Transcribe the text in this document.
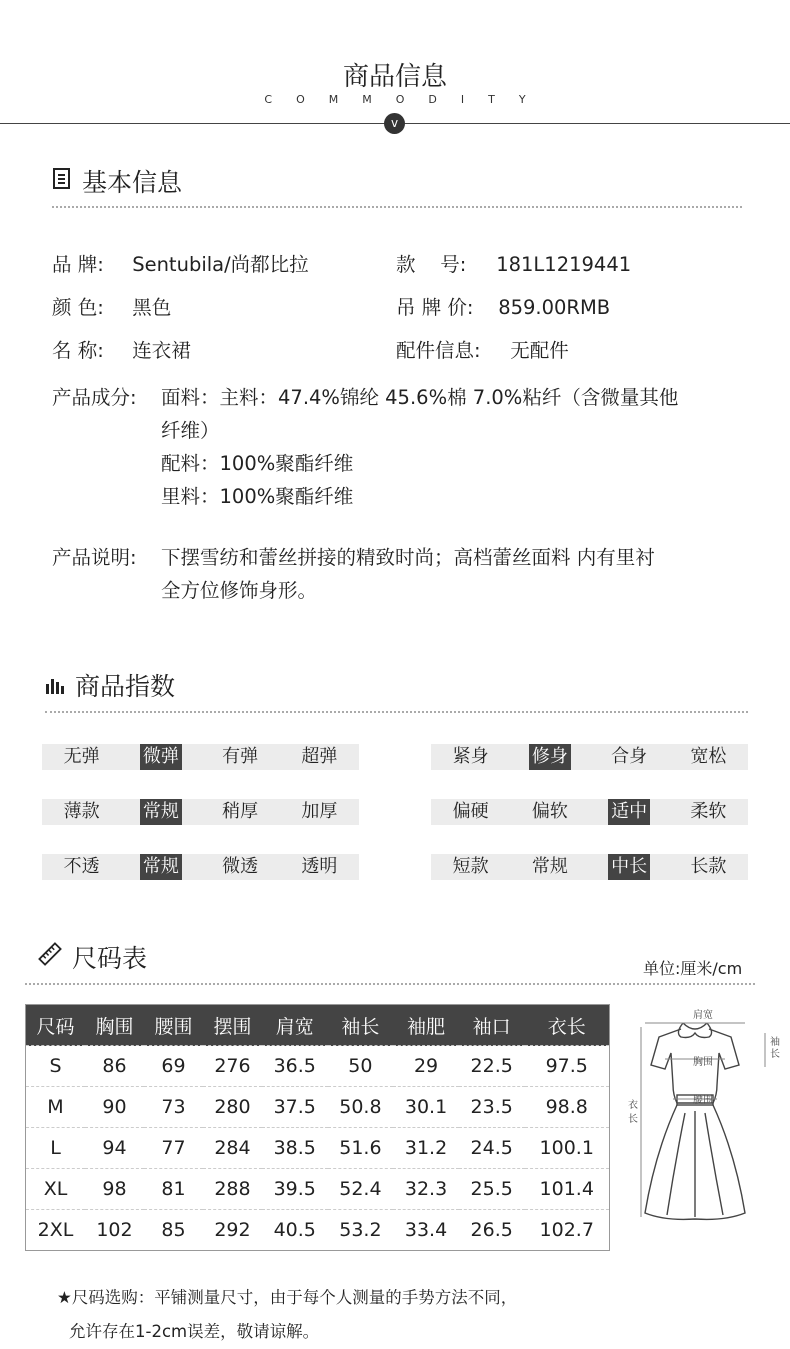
商品信息
COMMODITY
v
基本信息
品 牌: Sentubila/尚都比拉	款    号: 181L1219441
颜 色: 黑色	吊 牌 价: 859.00RMB
名 称: 连衣裙	配件信息: 无配件
产品成分: 面料：主料：47.4%锦纶 45.6%棉 7.0%粘纤（含微量其他
纤维）
配料：100%聚酯纤维
里料：100%聚酯纤维
产品说明: 下摆雪纺和蕾丝拼接的精致时尚；高档蕾丝面料 内有里衬
全方位修饰身形。
商品指数
无弹	微弹	有弹	超弹	紧身	修身	合身	宽松
薄款	常规	稍厚	加厚	偏硬	偏软	适中	柔软
不透	常规	微透	透明	短款	常规	中长	长款
尺码表	单位:厘米/cm
尺码	胸围	腰围	摆围	肩宽	袖长	袖肥	袖口	衣长
S	86	69	276	36.5	50	29	22.5	97.5
M	90	73	280	37.5	50.8	30.1	23.5	98.8
L	94	77	284	38.5	51.6	31.2	24.5	100.1
XL	98	81	288	39.5	52.4	32.3	25.5	101.4
2XL	102	85	292	40.5	53.2	33.4	26.5	102.7
肩宽
胸围
腰围
袖长
衣长
★尺码选购：平铺测量尺寸，由于每个人测量的手势方法不同，
允许存在1-2cm误差，敬请谅解。
